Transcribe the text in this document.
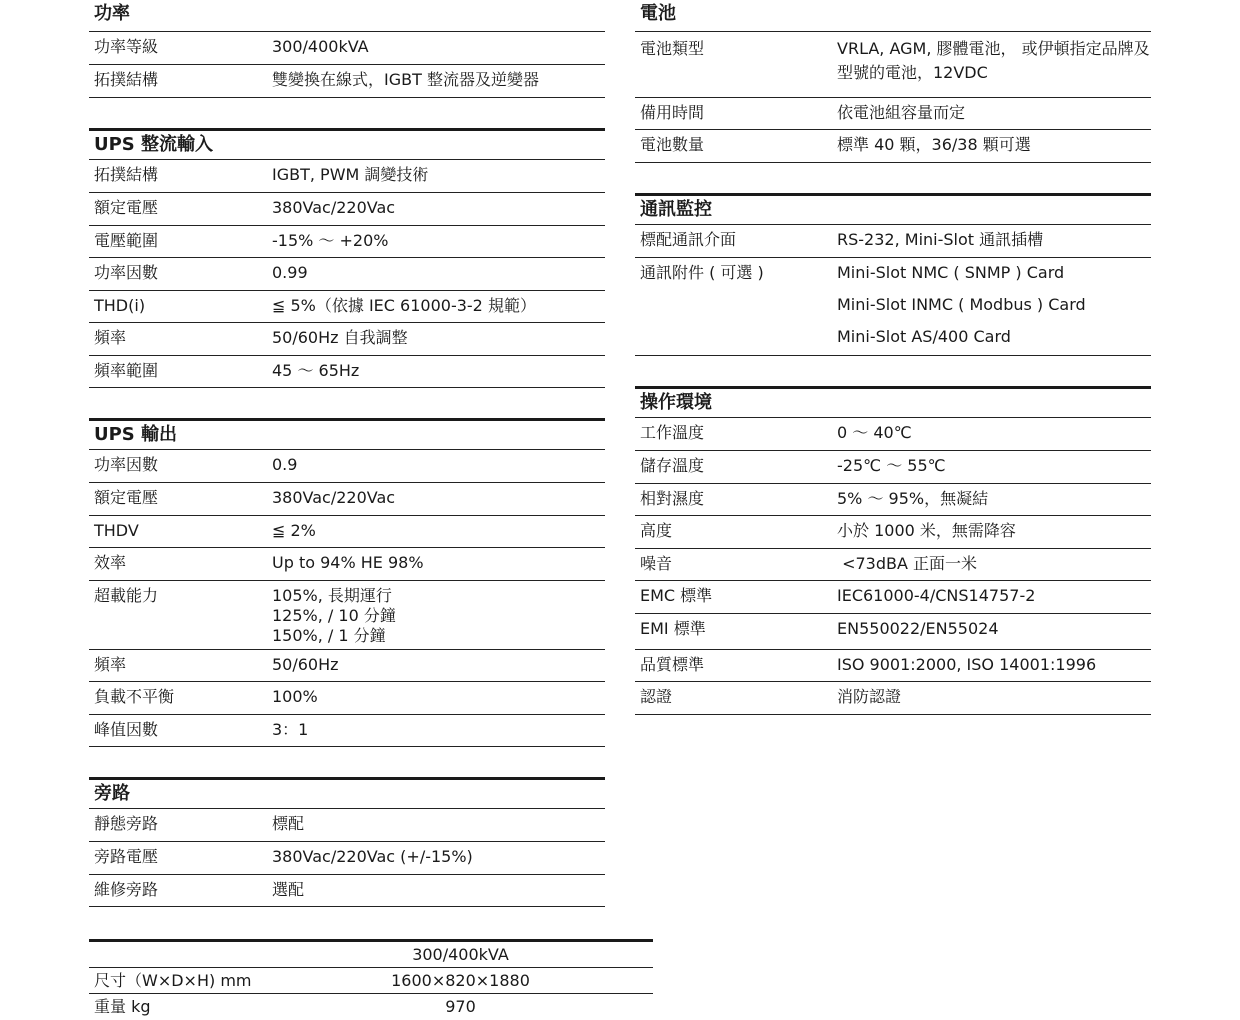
功率
功率等級	300/400kVA
拓撲結構	雙變換在線式，IGBT 整流器及逆變器
UPS 整流輸入
拓撲結構	IGBT, PWM 調變技術
額定電壓	380Vac/220Vac
電壓範圍	-15% ～ +20%
功率因數	0.99
THD(i)	≦ 5%（依據 IEC 61000-3-2 規範）
頻率	50/60Hz 自我調整
頻率範圍	45 ～ 65Hz
UPS 輸出
功率因數	0.9
額定電壓	380Vac/220Vac
THDV	≦ 2%
效率	Up to 94% HE 98%
超載能力	105%, 長期運行
125%, / 10 分鐘
150%, / 1 分鐘
頻率	50/60Hz
負載不平衡	100%
峰值因數	3：1
旁路
靜態旁路	標配
旁路電壓	380Vac/220Vac (+/-15%)
維修旁路	選配
電池
電池類型	VRLA, AGM, 膠體電池， 或伊頓指定品牌及
型號的電池，12VDC
備用時間	依電池組容量而定
電池數量	標準 40 顆，36/38 顆可選
通訊監控
標配通訊介面	RS-232, Mini-Slot 通訊插槽
通訊附件 ( 可選 )	Mini-Slot NMC ( SNMP ) Card
Mini-Slot INMC ( Modbus ) Card
Mini-Slot AS/400 Card
操作環境
工作溫度	0 ～ 40℃
儲存溫度	-25℃ ～ 55℃
相對濕度	5% ～ 95%，無凝結
高度	小於 1000 米，無需降容
噪音	<73dBA 正面一米
EMC 標準	IEC61000-4/CNS14757-2
EMI 標準	EN550022/EN55024
品質標準	ISO 9001:2000, ISO 14001:1996
認證	消防認證
300/400kVA
尺寸（W×D×H) mm	1600×820×1880
重量 kg	970
